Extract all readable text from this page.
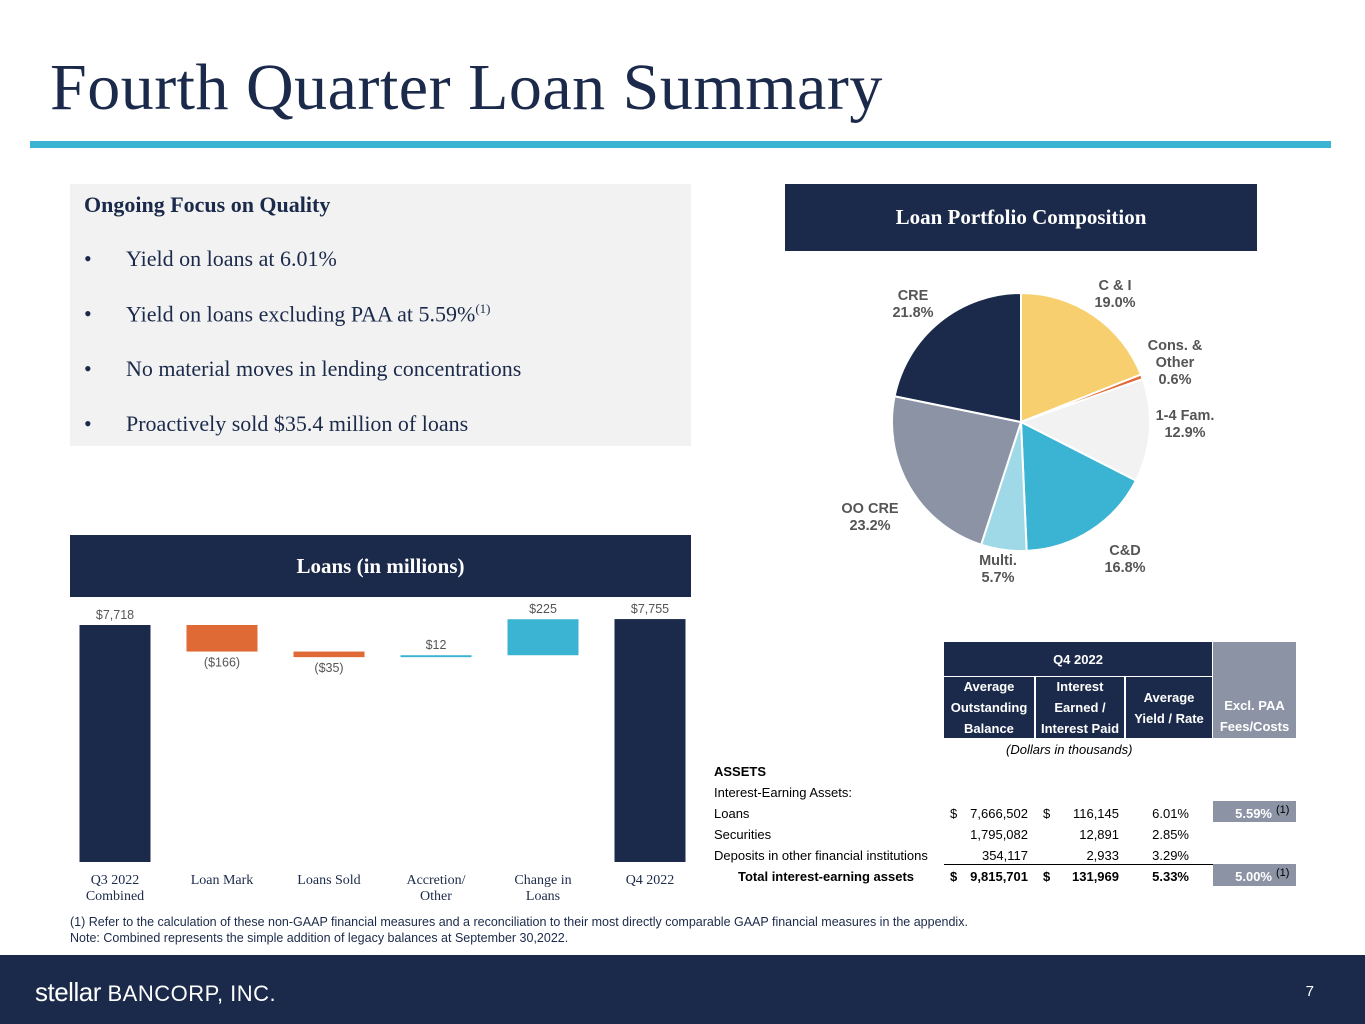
Fourth Quarter Loan Summary
Ongoing Focus on Quality
• Yield on loans at 6.01%
• Yield on loans excluding PAA at 5.59%$^{(1)}$
• No material moves in lending concentrations
• Proactively sold $35.4 million of loans
Loan Portfolio Composition
C & I
19.0%
Cons. &
Other
0.6%
1-4 Fam.
12.9%
C&D
16.8%
Multi.
5.7%
OO CRE
23.2%
CRE
21.8%
Loans (in millions)
$7,718
Q3 2022
Combined
($166)
Loan Mark
($35)
Loans Sold
$12
Accretion/
Other
$225
Change in
Loans
$7,755
Q4 2022
Q4 2022
Excl. PAA
Fees/Costs
Average
Outstanding
Balance
Interest
Earned /
Interest Paid
Average
Yield / Rate
(Dollars in thousands)
ASSETS
Interest-Earning Assets:
Loans	$ 7,666,502 $ 116,145	6.01%	5.59% (1)
Securities	1,795,082	12,891	2.85%
Deposits in other financial institutions	354,117	2,933	3.29%
Total interest-earning assets	$ 9,815,701 $ 131,969	5.33%	5.00% (1)
(1) Refer to the calculation of these non-GAAP financial measures and a reconciliation to their most directly comparable GAAP financial measures in the appendix.
Note: Combined represents the simple addition of legacy balances at September 30,2022.
stellar BANCORP, INC.	7
